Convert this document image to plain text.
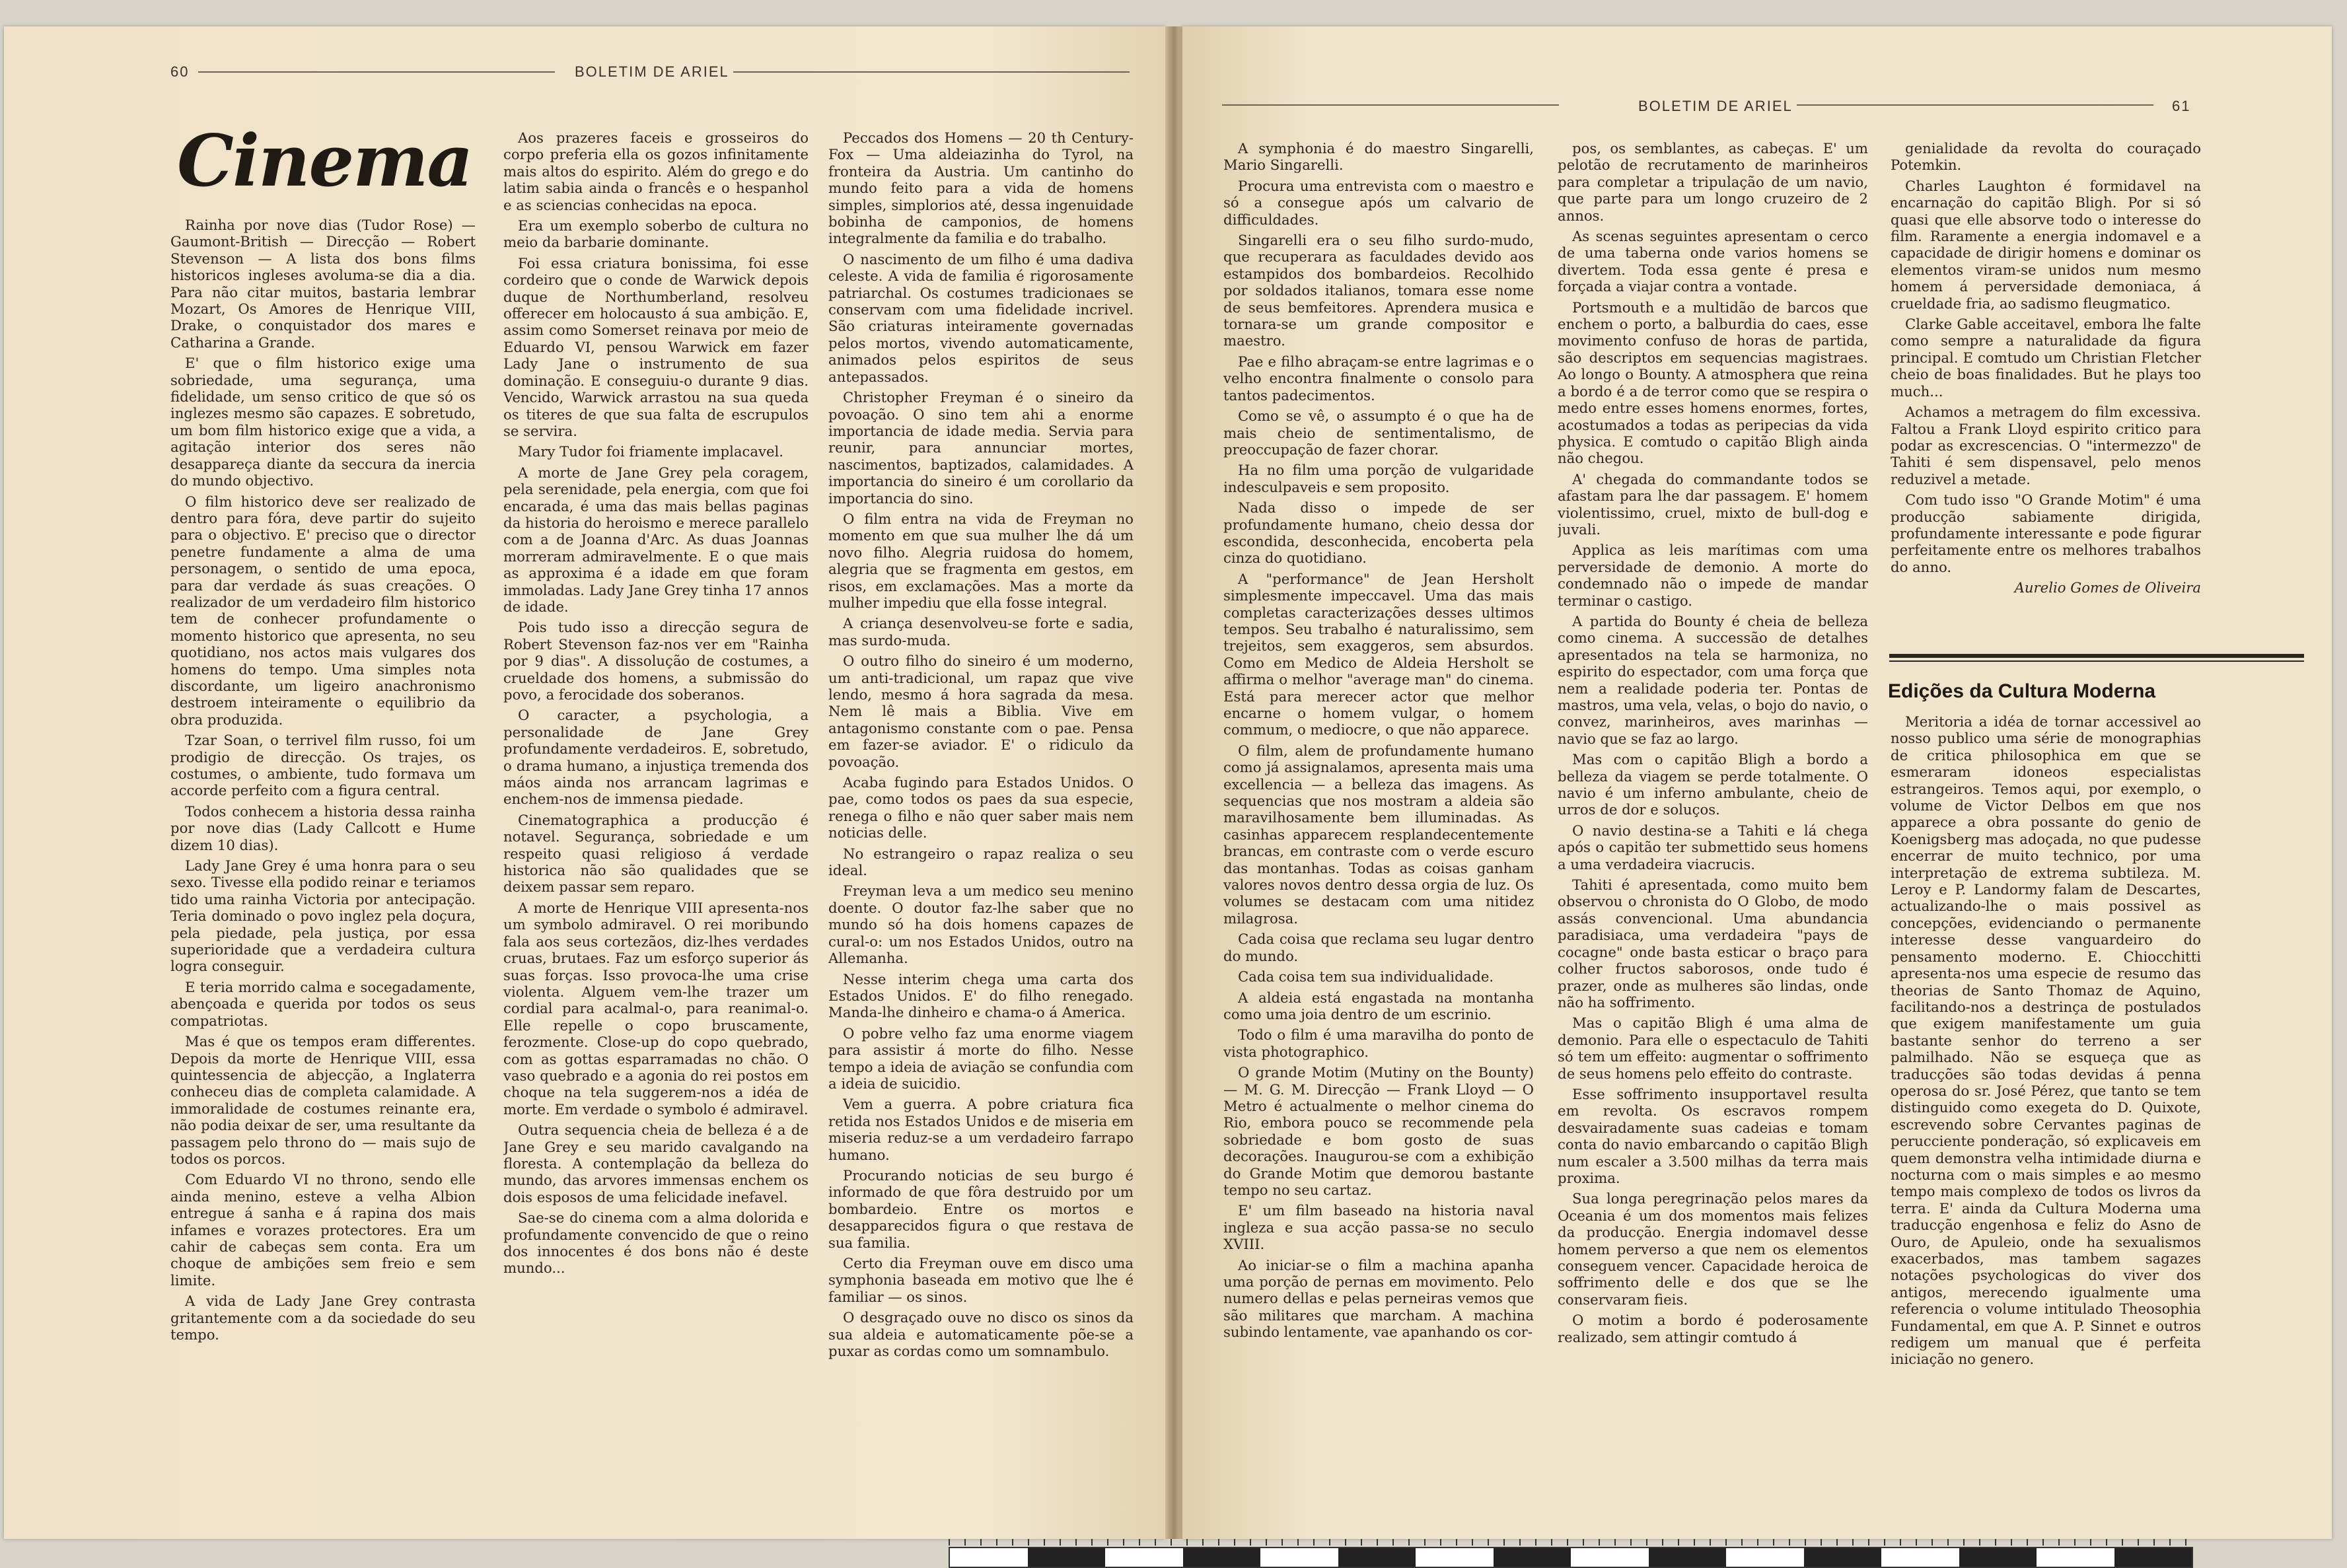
60	BOLETIM DE ARIEL
Cinema

Rainha por nove dias (Tudor Rose) — Gaumont-British — Direcção — Robert Stevenson — A lista dos bons films historicos ingleses avoluma-se dia a dia. Para não citar muitos, bastaria lembrar Mozart, Os Amores de Henrique VIII, Drake, o conquistador dos mares e Catharina a Grande.

E' que o film historico exige uma sobriedade, uma segurança, uma fidelidade, um senso critico de que só os inglezes mesmo são capazes. E sobretudo, um bom film historico exige que a vida, a agitação interior dos seres não desappareça diante da seccura da inercia do mundo objectivo.

O film historico deve ser realizado de dentro para fóra, deve partir do sujeito para o objectivo. E' preciso que o director penetre fundamente a alma de uma personagem, o sentido de uma epoca, para dar verdade ás suas creações. O realizador de um verdadeiro film historico tem de conhecer profundamente o momento historico que apresenta, no seu quotidiano, nos actos mais vulgares dos homens do tempo. Uma simples nota discordante, um ligeiro anachronismo destroem inteiramente o equilibrio da obra produzida.

Tzar Soan, o terrivel film russo, foi um prodigio de direcção. Os trajes, os costumes, o ambiente, tudo formava um accorde perfeito com a figura central.

Todos conhecem a historia dessa rainha por nove dias (Lady Callcott e Hume dizem 10 dias).

Lady Jane Grey é uma honra para o seu sexo. Tivesse ella podido reinar e teriamos tido uma rainha Victoria por antecipação. Teria dominado o povo inglez pela doçura, pela piedade, pela justiça, por essa superioridade que a verdadeira cultura logra conseguir.

E teria morrido calma e socegadamente, abençoada e querida por todos os seus compatriotas.

Mas é que os tempos eram differentes. Depois da morte de Henrique VIII, essa quintessencia de abjecção, a Inglaterra conheceu dias de completa calamidade. A immoralidade de costumes reinante era, não podia deixar de ser, uma resultante da passagem pelo throno do — mais sujo de todos os porcos.

Com Eduardo VI no throno, sendo elle ainda menino, esteve a velha Albion entregue á sanha e á rapina dos mais infames e vorazes protectores. Era um cahir de cabeças sem conta. Era um choque de ambições sem freio e sem limite.

A vida de Lady Jane Grey contrasta gritantemente com a da sociedade do seu tempo.

Aos prazeres faceis e grosseiros do corpo preferia ella os gozos infinitamente mais altos do espirito. Além do grego e do latim sabia ainda o francês e o hespanhol e as sciencias conhecidas na epoca.

Era um exemplo soberbo de cultura no meio da barbarie dominante.

Foi essa criatura bonissima, foi esse cordeiro que o conde de Warwick depois duque de Northumberland, resolveu offerecer em holocausto á sua ambição. E, assim como Somerset reinava por meio de Eduardo VI, pensou Warwick em fazer Lady Jane o instrumento de sua dominação. E conseguiu-o durante 9 dias. Vencido, Warwick arrastou na sua queda os titeres de que sua falta de escrupulos se servira.

Mary Tudor foi friamente implacavel.

A morte de Jane Grey pela coragem, pela serenidade, pela energia, com que foi encarada, é uma das mais bellas paginas da historia do heroismo e merece parallelo com a de Joanna d'Arc. As duas Joannas morreram admiravelmente. E o que mais as approxima é a idade em que foram immoladas. Lady Jane Grey tinha 17 annos de idade.

Pois tudo isso a direcção segura de Robert Stevenson faz-nos ver em "Rainha por 9 dias". A dissolução de costumes, a crueldade dos homens, a submissão do povo, a ferocidade dos soberanos.

O caracter, a psychologia, a personalidade de Jane Grey profundamente verdadeiros. E, sobretudo, o drama humano, a injustiça tremenda dos máos ainda nos arrancam lagrimas e enchem-nos de immensa piedade.

Cinematographica a producção é notavel. Segurança, sobriedade e um respeito quasi religioso á verdade historica não são qualidades que se deixem passar sem reparo.

A morte de Henrique VIII apresenta-nos um symbolo admiravel. O rei moribundo fala aos seus cortezãos, diz-lhes verdades cruas, brutaes. Faz um esforço superior ás suas forças. Isso provoca-lhe uma crise violenta. Alguem vem-lhe trazer um cordial para acalmal-o, para reanimal-o. Elle repelle o copo bruscamente, ferozmente. Close-up do copo quebrado, com as gottas esparramadas no chão. O vaso quebrado e a agonia do rei postos em choque na tela suggerem-nos a idéa de morte. Em verdade o symbolo é admiravel.

Outra sequencia cheia de belleza é a de Jane Grey e seu marido cavalgando na floresta. A contemplação da belleza do mundo, das arvores immensas enchem os dois esposos de uma felicidade inefavel.

Sae-se do cinema com a alma dolorida e profundamente convencido de que o reino dos innocentes é dos bons não é deste mundo...

Peccados dos Homens — 20 th Century-Fox — Uma aldeiazinha do Tyrol, na fronteira da Austria. Um cantinho do mundo feito para a vida de homens simples, simplorios até, dessa ingenuidade bobinha de camponios, de homens integralmente da familia e do trabalho.

O nascimento de um filho é uma dadiva celeste. A vida de familia é rigorosamente patriarchal. Os costumes tradicionaes se conservam com uma fidelidade incrivel. São criaturas inteiramente governadas pelos mortos, vivendo automaticamente, animados pelos espiritos de seus antepassados.

Christopher Freyman é o sineiro da povoação. O sino tem ahi a enorme importancia de idade media. Servia para reunir, para annunciar mortes, nascimentos, baptizados, calamidades. A importancia do sineiro é um corollario da importancia do sino.

O film entra na vida de Freyman no momento em que sua mulher lhe dá um novo filho. Alegria ruidosa do homem, alegria que se fragmenta em gestos, em risos, em exclamações. Mas a morte da mulher impediu que ella fosse integral.

A criança desenvolveu-se forte e sadia, mas surdo-muda.

O outro filho do sineiro é um moderno, um anti-tradicional, um rapaz que vive lendo, mesmo á hora sagrada da mesa. Nem lê mais a Biblia. Vive em antagonismo constante com o pae. Pensa em fazer-se aviador. E' o ridiculo da povoação.

Acaba fugindo para Estados Unidos. O pae, como todos os paes da sua especie, renega o filho e não quer saber mais nem noticias delle.

No estrangeiro o rapaz realiza o seu ideal.

Freyman leva a um medico seu menino doente. O doutor faz-lhe saber que no mundo só ha dois homens capazes de cural-o: um nos Estados Unidos, outro na Allemanha.

Nesse interim chega uma carta dos Estados Unidos. E' do filho renegado. Manda-lhe dinheiro e chama-o á America.

O pobre velho faz uma enorme viagem para assistir á morte do filho. Nesse tempo a ideia de aviação se confundia com a ideia de suicidio.

Vem a guerra. A pobre criatura fica retida nos Estados Unidos e de miseria em miseria reduz-se a um verdadeiro farrapo humano.

Procurando noticias de seu burgo é informado de que fôra destruido por um bombardeio. Entre os mortos e desapparecidos figura o que restava de sua familia.

Certo dia Freyman ouve em disco uma symphonia baseada em motivo que lhe é familiar — os sinos.

O desgraçado ouve no disco os sinos da sua aldeia e automaticamente põe-se a puxar as cordas como um somnambulo.

BOLETIM DE ARIEL	61

A symphonia é do maestro Singarelli, Mario Singarelli.

Procura uma entrevista com o maestro e só a consegue após um calvario de difficuldades.

Singarelli era o seu filho surdo-mudo, que recuperara as faculdades devido aos estampidos dos bombardeios. Recolhido por soldados italianos, tomara esse nome de seus bemfeitores. Aprendera musica e tornara-se um grande compositor e maestro.

Pae e filho abraçam-se entre lagrimas e o velho encontra finalmente o consolo para tantos padecimentos.

Como se vê, o assumpto é o que ha de mais cheio de sentimentalismo, de preoccupação de fazer chorar.

Ha no film uma porção de vulgaridade indesculpaveis e sem proposito.

Nada disso o impede de ser profundamente humano, cheio dessa dor escondida, desconhecida, encoberta pela cinza do quotidiano.

A "performance" de Jean Hersholt simplesmente impeccavel. Uma das mais completas caracterizações desses ultimos tempos. Seu trabalho é naturalissimo, sem trejeitos, sem exaggeros, sem absurdos. Como em Medico de Aldeia Hersholt se affirma o melhor "average man" do cinema. Está para merecer actor que melhor encarne o homem vulgar, o homem commum, o mediocre, o que não apparece.

O film, alem de profundamente humano como já assignalamos, apresenta mais uma excellencia — a belleza das imagens. As sequencias que nos mostram a aldeia são maravilhosamente bem illuminadas. As casinhas apparecem resplandecentemente brancas, em contraste com o verde escuro das montanhas. Todas as coisas ganham valores novos dentro dessa orgia de luz. Os volumes se destacam com uma nitidez milagrosa.

Cada coisa que reclama seu lugar dentro do mundo.

Cada coisa tem sua individualidade.

A aldeia está engastada na montanha como uma joia dentro de um escrinio.

Todo o film é uma maravilha do ponto de vista photographico.

O grande Motim (Mutiny on the Bounty) — M. G. M. Direcção — Frank Lloyd — O Metro é actualmente o melhor cinema do Rio, embora pouco se recommende pela sobriedade e bom gosto de suas decorações. Inaugurou-se com a exhibição do Grande Motim que demorou bastante tempo no seu cartaz.

E' um film baseado na historia naval ingleza e sua acção passa-se no seculo XVIII.

Ao iniciar-se o film a machina apanha uma porção de pernas em movimento. Pelo numero dellas e pelas perneiras vemos que são militares que marcham. A machina subindo lentamente, vae apanhando os cor-

pos, os semblantes, as cabeças. E' um pelotão de recrutamento de marinheiros para completar a tripulação de um navio, que parte para um longo cruzeiro de 2 annos.

As scenas seguintes apresentam o cerco de uma taberna onde varios homens se divertem. Toda essa gente é presa e forçada a viajar contra a vontade.

Portsmouth e a multidão de barcos que enchem o porto, a balburdia do caes, esse movimento confuso de horas de partida, são descriptos em sequencias magistraes. Ao longo o Bounty. A atmosphera que reina a bordo é a de terror como que se respira o medo entre esses homens enormes, fortes, acostumados a todas as peripecias da vida physica. E comtudo o capitão Bligh ainda não chegou.

A' chegada do commandante todos se afastam para lhe dar passagem. E' homem violentissimo, cruel, mixto de bull-dog e juvali.

Applica as leis marítimas com uma perversidade de demonio. A morte do condemnado não o impede de mandar terminar o castigo.

A partida do Bounty é cheia de belleza como cinema. A successão de detalhes apresentados na tela se harmoniza, no espirito do espectador, com uma força que nem a realidade poderia ter. Pontas de mastros, uma vela, velas, o bojo do navio, o convez, marinheiros, aves marinhas — navio que se faz ao largo.

Mas com o capitão Bligh a bordo a belleza da viagem se perde totalmente. O navio é um inferno ambulante, cheio de urros de dor e soluços.

O navio destina-se a Tahiti e lá chega após o capitão ter submettido seus homens a uma verdadeira viacrucis.

Tahiti é apresentada, como muito bem observou o chronista do O Globo, de modo assás convencional. Uma abundancia paradisiaca, uma verdadeira "pays de cocagne" onde basta esticar o braço para colher fructos saborosos, onde tudo é prazer, onde as mulheres são lindas, onde não ha soffrimento.

Mas o capitão Bligh é uma alma de demonio. Para elle o espectaculo de Tahiti só tem um effeito: augmentar o soffrimento de seus homens pelo effeito do contraste.

Esse soffrimento insupportavel resulta em revolta. Os escravos rompem desvairadamente suas cadeias e tomam conta do navio embarcando o capitão Bligh num escaler a 3.500 milhas da terra mais proxima.

Sua longa peregrinação pelos mares da Oceania é um dos momentos mais felizes da producção. Energia indomavel desse homem perverso a que nem os elementos conseguem vencer. Capacidade heroica de soffrimento delle e dos que se lhe conservaram fieis.

O motim a bordo é poderosamente realizado, sem attingir comtudo á

genialidade da revolta do couraçado Potemkin.

Charles Laughton é formidavel na encarnação do capitão Bligh. Por si só quasi que elle absorve todo o interesse do film. Raramente a energia indomavel e a capacidade de dirigir homens e dominar os elementos viram-se unidos num mesmo homem á perversidade demoniaca, á crueldade fria, ao sadismo fleugmatico.

Clarke Gable acceitavel, embora lhe falte como sempre a naturalidade da figura principal. E comtudo um Christian Fletcher cheio de boas finalidades. But he plays too much...

Achamos a metragem do film excessiva. Faltou a Frank Lloyd espirito critico para podar as excrescencias. O "intermezzo" de Tahiti é sem dispensavel, pelo menos reduzivel a metade.

Com tudo isso "O Grande Motim" é uma producção sabiamente dirigida, profundamente interessante e pode figurar perfeitamente entre os melhores trabalhos do anno.

Aurelio Gomes de Oliveira

Edições da Cultura Moderna

Meritoria a idéa de tornar accessivel ao nosso publico uma série de monographias de critica philosophica em que se esmeraram idoneos especialistas estrangeiros. Temos aqui, por exemplo, o volume de Victor Delbos em que nos apparece a obra possante do genio de Koenigsberg mas adoçada, no que pudesse encerrar de muito technico, por uma interpretação de extrema subtileza. M. Leroy e P. Landormy falam de Descartes, actualizando-lhe o mais possivel as concepções, evidenciando o permanente interesse desse vanguardeiro do pensamento moderno. E. Chiocchitti apresenta-nos uma especie de resumo das theorias de Santo Thomaz de Aquino, facilitando-nos a destrinça de postulados que exigem manifestamente um guia bastante senhor do terreno a ser palmilhado. Não se esqueça que as traducções são todas devidas á penna operosa do sr. José Pérez, que tanto se tem distinguido como exegeta do D. Quixote, escrevendo sobre Cervantes paginas de perucciente ponderação, só explicaveis em quem demonstra velha intimidade diurna e nocturna com o mais simples e ao mesmo tempo mais complexo de todos os livros da terra. E' ainda da Cultura Moderna uma traducção engenhosa e feliz do Asno de Ouro, de Apuleio, onde ha sexualismos exacerbados, mas tambem sagazes notações psychologicas do viver dos antigos, merecendo igualmente uma referencia o volume intitulado Theosophia Fundamental, em que A. P. Sinnet e outros redigem um manual que é perfeita iniciação no genero.
